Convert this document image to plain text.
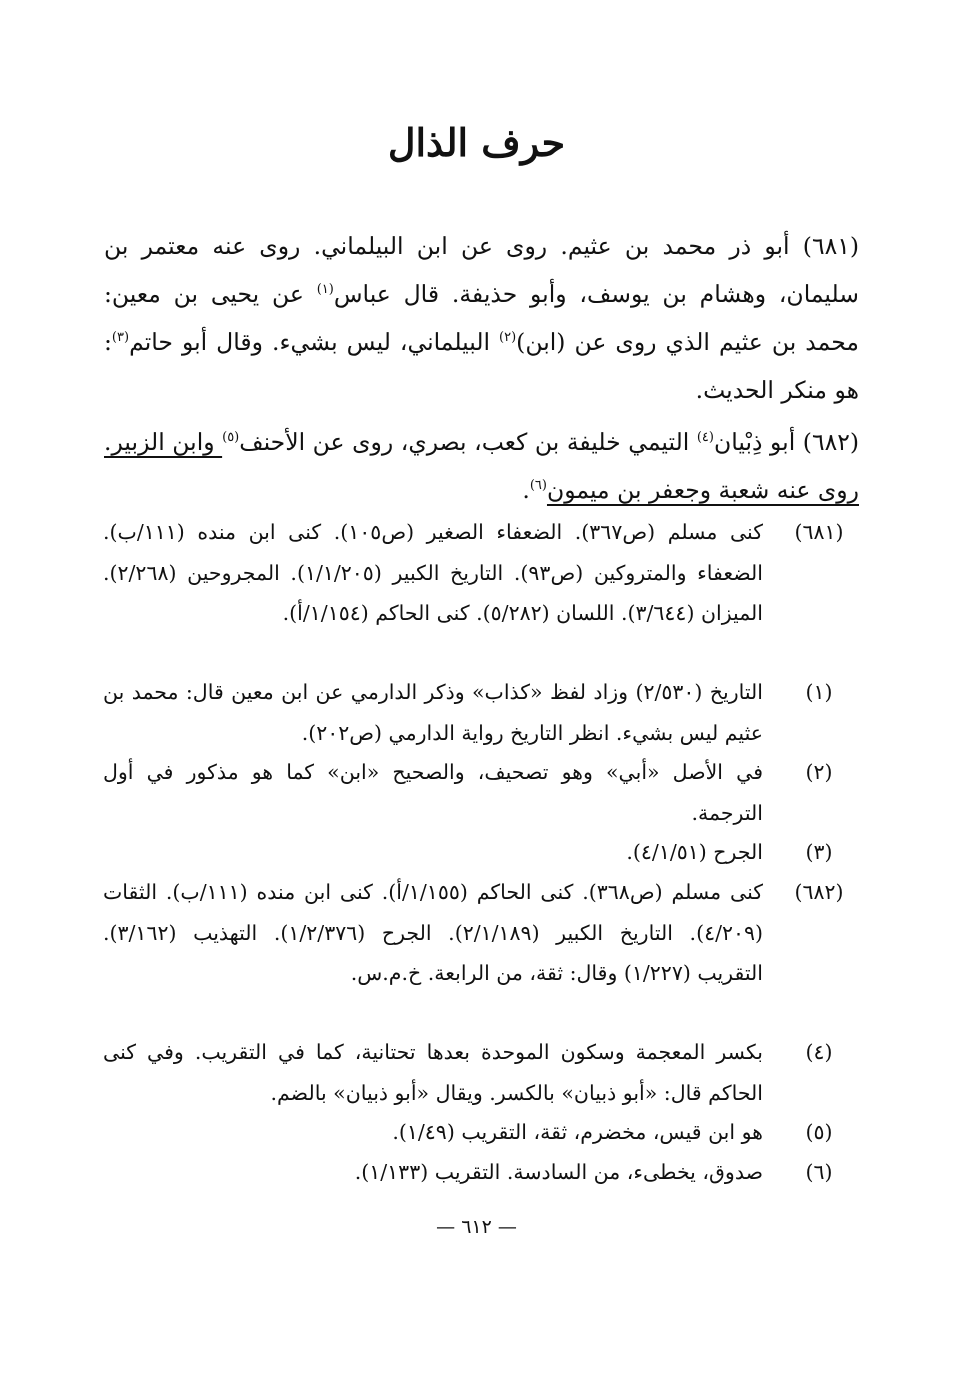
حرف الذال

(٦٨١) أبو ذر محمد بن عثيم. روى عن ابن البيلماني. روى عنه معتمر بن سليمان، وهشام بن يوسف، وأبو حذيفة. قال عباس$^{(١)}$ عن يحيى بن معين: محمد بن عثيم الذي روى عن (ابن)$^{(٢)}$ البيلماني، ليس بشيء. وقال أبو حاتم$^{(٣)}$: هو منكر الحديث.

(٦٨٢) أبو ذِبْيان$^{(٤)}$ التيمي خليفة بن كعب، بصري، روى عن الأحنف$^{(٥)}$ وابن الزبير. روى عنه شعبة وجعفر بن ميمون$^{(٦)}$.

(٦٨١)
كنى مسلم (ص٣٦٧). الضعفاء الصغير (ص١٠٥). كنى ابن منده (١١١/ب). الضعفاء والمتروكين (ص٩٣). التاريخ الكبير (١/١/٢٠٥). المجروحين (٢/٢٦٨). الميزان (٣/٦٤٤). اللسان (٥/٢٨٢). كنى الحاكم (١/١٥٤/أ).
(١)
التاريخ (٢/٥٣٠) وزاد لفظ «كذاب» وذكر الدارمي عن ابن معين قال: محمد بن عثيم ليس بشيء. انظر التاريخ رواية الدارمي (ص٢٠٢).
(٢)
في الأصل «أبي» وهو تصحيف، والصحيح «ابن» كما هو مذكور في أول الترجمة.
(٣)
الجرح (٤/١/٥١).
(٦٨٢)
كنى مسلم (ص٣٦٨). كنى الحاكم (١/١٥٥/أ). كنى ابن منده (١١١/ب). الثقات (٤/٢٠٩). التاريخ الكبير (٢/١/١٨٩). الجرح (١/٢/٣٧٦). التهذيب (٣/١٦٢). التقريب (١/٢٢٧) وقال: ثقة، من الرابعة. خ.م.س.
(٤)
بكسر المعجمة وسكون الموحدة بعدها تحتانية، كما في التقريب. وفي كنى الحاكم قال: «أبو ذبيان» بالكسر. ويقال «أبو ذبيان» بالضم.
(٥)
هو ابن قيس، مخضرم، ثقة، التقريب (١/٤٩).
(٦)
صدوق، يخطىء، من السادسة. التقريب (١/١٣٣).
— ٦١٢ —
